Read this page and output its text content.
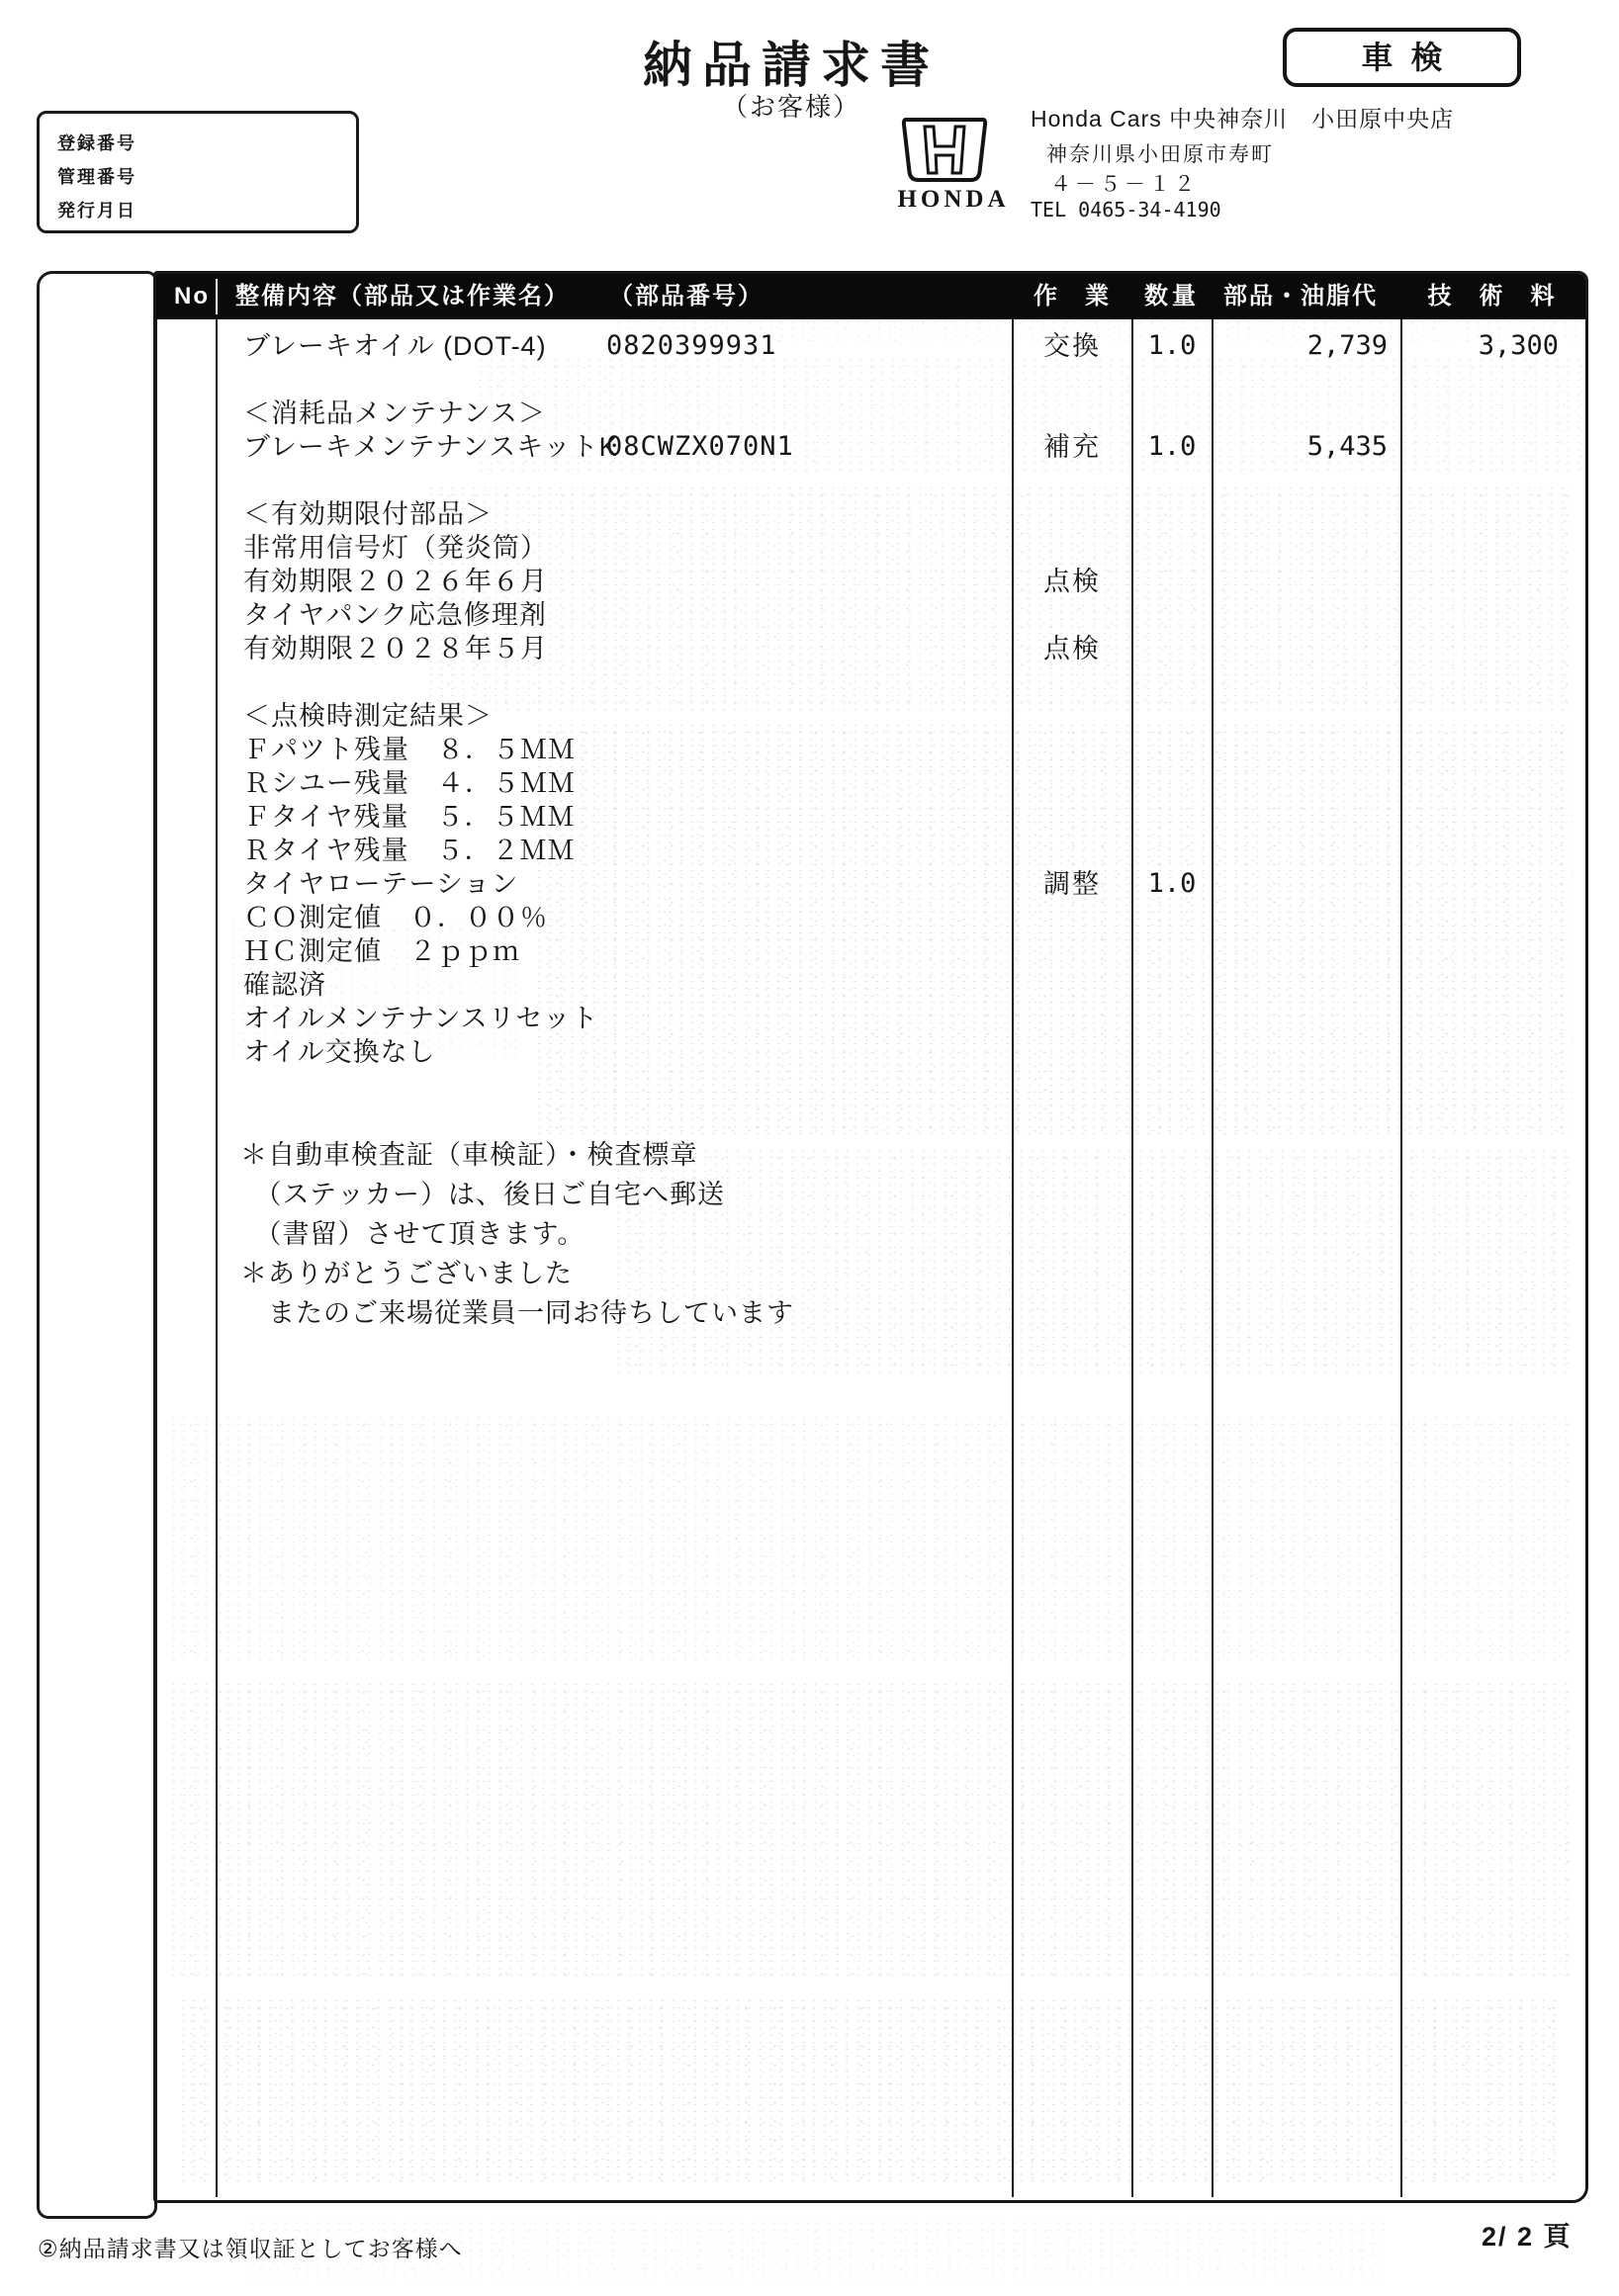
納品請求書
（お客様）
車検
登録番号
管理番号
発行月日	HONDA
Honda Cars 中央神奈川　小田原中央店
神奈川県小田原市寿町
４－５－１２
TEL 0465-34-4190
No 整備内容（部品又は作業名） （部品番号）	作　業	数量	部品・油脂代	技　術　料
ブレーキオイル (DOT-4) 0820399931	交換	1.0	2,739	3,300
＜消耗品メンテナンス＞
ブレーキメンテナンスキットK
08CWZX070N1	補充	1.0	5,435
＜有効期限付部品＞
非常用信号灯（発炎筒）
有効期限２０２６年６月	点検
タイヤパンク応急修理剤
有効期限２０２８年５月	点検
＜点検時測定結果＞
Ｆパツト残量　８．５ＭＭ
Ｒシユー残量　４．５ＭＭ
Ｆタイヤ残量　５．５ＭＭ
Ｒタイヤ残量　５．２ＭＭ
タイヤローテーション	調整	1.0
ＣＯ測定値　０．００％
ＨＣ測定値　２ｐｐｍ
確認済
オイルメンテナンスリセット
オイル交換なし
＊自動車検査証（車検証）・検査標章
　（ステッカー）は、後日ご自宅へ郵送
　（書留）させて頂きます。
＊ありがとうございました
　またのご来場従業員一同お待ちしています
②納品請求書又は領収証としてお客様へ	2/ 2 頁
